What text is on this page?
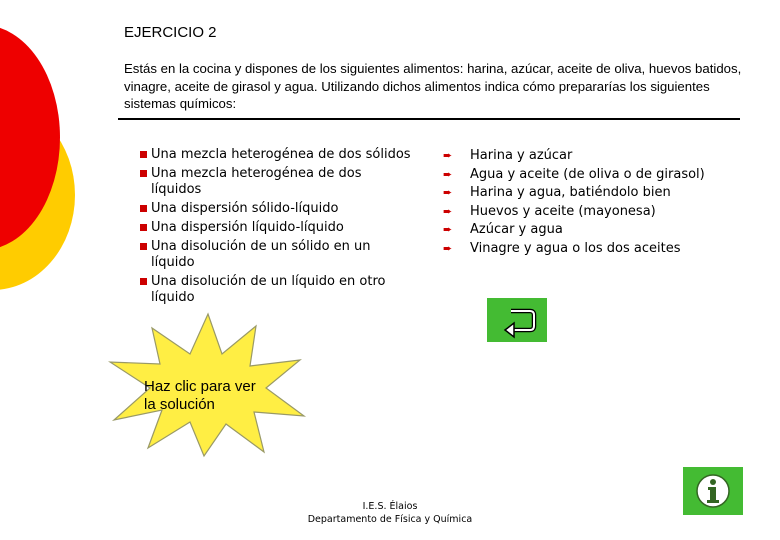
EJERCICIO 2
Estás en la cocina y dispones de los siguientes alimentos: harina, azúcar, aceite de oliva, huevos batidos, vinagre, aceite de girasol y agua. Utilizando dichos alimentos indica cómo prepararías los siguientes sistemas químicos:
Una mezcla heterogénea de dos sólidos
Una mezcla heterogénea de dos líquidos
Una dispersión sólido-líquido
Una dispersión líquido-líquido
Una disolución de un sólido en un líquido
Una disolución de un líquido en otro líquido
➨ Harina y azúcar
➨ Agua y aceite (de oliva o de girasol)
➨ Harina y agua, batiéndolo bien
➨ Huevos y aceite (mayonesa)
➨ Azúcar y agua
➨ Vinagre y agua o los dos aceites
Haz clic para ver
la solución
I.E.S. Élaios
Departamento de Física y Química
